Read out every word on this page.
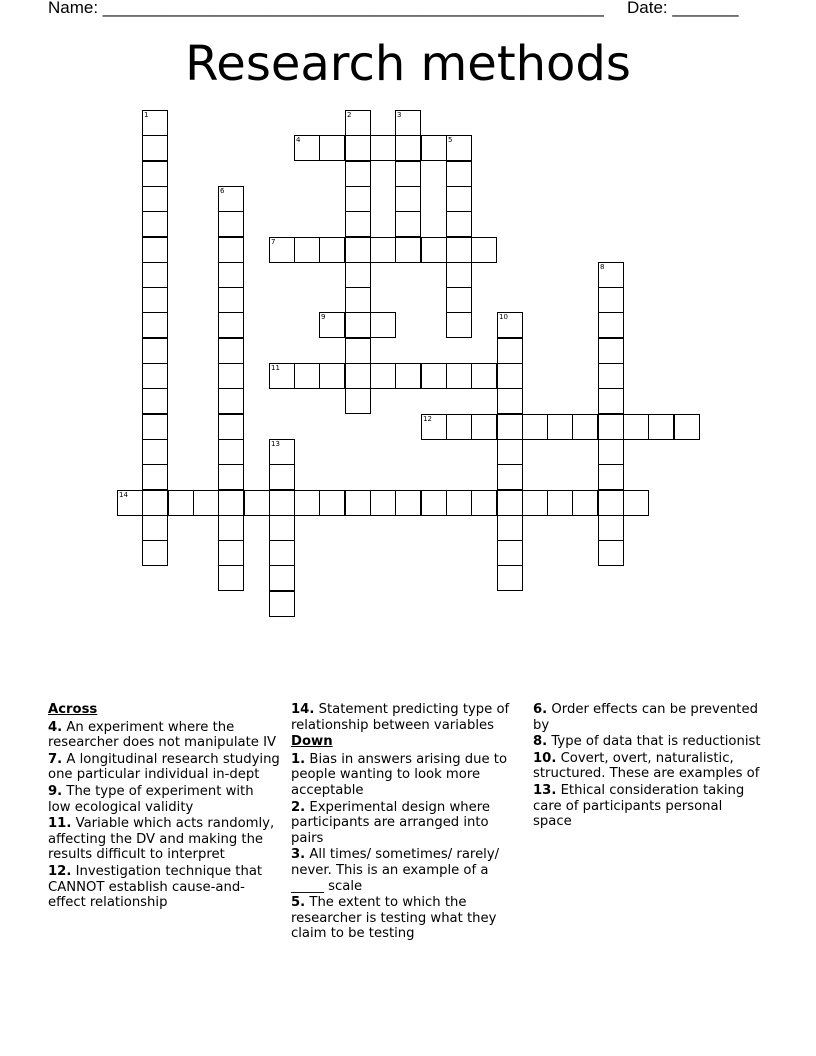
Name: _____________________________________________________ Date: _______
Research methods
1	2	3
4	5
6
7
8
9	10
11
12
13
14
Across
4. An experiment where the researcher does not manipulate IV
7. A longitudinal research studying one particular individual in-dept
9. The type of experiment with low ecological validity
11. Variable which acts randomly, affecting the DV and making the results difficult to interpret
12. Investigation technique that CANNOT establish cause-and-effect relationship
14. Statement predicting type of relationship between variables
Down
1. Bias in answers arising due to people wanting to look more acceptable
2. Experimental design where participants are arranged into pairs
3. All times/ sometimes/ rarely/ never. This is an example of a _____ scale
5. The extent to which the researcher is testing what they claim to be testing
6. Order effects can be prevented by
8. Type of data that is reductionist
10. Covert, overt, naturalistic, structured. These are examples of
13. Ethical consideration taking care of participants personal space
